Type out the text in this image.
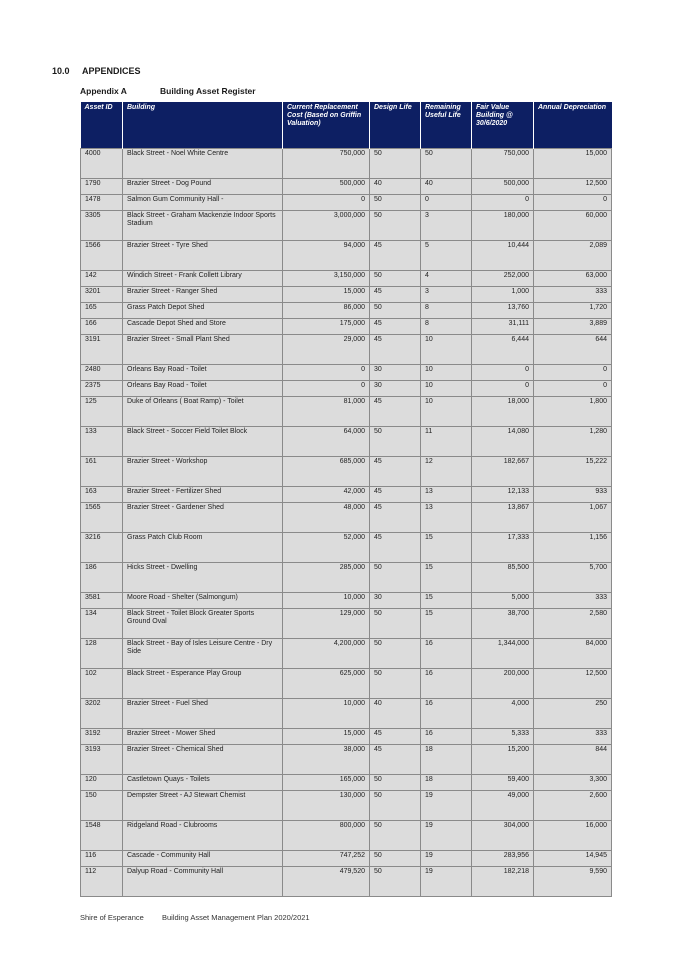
10.0 APPENDICES
Appendix A	Building Asset Register
Asset ID	Building	Current Replacement Cost (Based on Griffin Valuation)	Design Life	Remaining Useful Life	Fair Value Building @ 30/6/2020	Annual Depreciation
4000	Black Street - Noel White Centre	750,000	50	50	750,000	15,000
1790	Brazier Street - Dog Pound	500,000	40	40	500,000	12,500
1478	Salmon Gum Community Hall -	0	50	0	0	0
3305	Black Street - Graham Mackenzie Indoor Sports Stadium	3,000,000	50	3	180,000	60,000
1566	Brazier Street - Tyre Shed	94,000	45	5	10,444	2,089
142	Windich Street - Frank Collett Library	3,150,000	50	4	252,000	63,000
3201	Brazier Street - Ranger Shed	15,000	45	3	1,000	333
165	Grass Patch Depot Shed	86,000	50	8	13,760	1,720
166	Cascade Depot Shed and Store	175,000	45	8	31,111	3,889
3191	Brazier Street - Small Plant Shed	29,000	45	10	6,444	644
2480	Orleans Bay Road - Toilet	0	30	10	0	0
2375	Orleans Bay Road - Toilet	0	30	10	0	0
125	Duke of Orleans ( Boat Ramp) - Toilet	81,000	45	10	18,000	1,800
133	Black Street - Soccer Field Toilet Block	64,000	50	11	14,080	1,280
161	Brazier Street - Workshop	685,000	45	12	182,667	15,222
163	Brazier Street - Fertilizer Shed	42,000	45	13	12,133	933
1565	Brazier Street - Gardener Shed	48,000	45	13	13,867	1,067
3216	Grass Patch Club Room	52,000	45	15	17,333	1,156
186	Hicks Street - Dwelling	285,000	50	15	85,500	5,700
3581	Moore Road - Shelter (Salmongum)	10,000	30	15	5,000	333
134	Black Street - Toilet Block Greater Sports Ground Oval	129,000	50	15	38,700	2,580
128	Black Street - Bay of Isles Leisure Centre - Dry Side	4,200,000	50	16	1,344,000	84,000
102	Black Street - Esperance Play Group	625,000	50	16	200,000	12,500
3202	Brazier Street - Fuel Shed	10,000	40	16	4,000	250
3192	Brazier Street - Mower Shed	15,000	45	16	5,333	333
3193	Brazier Street - Chemical Shed	38,000	45	18	15,200	844
120	Castletown Quays - Toilets	165,000	50	18	59,400	3,300
150	Dempster Street - AJ Stewart Chemist	130,000	50	19	49,000	2,600
1548	Ridgeland Road - Clubrooms	800,000	50	19	304,000	16,000
116	Cascade - Community Hall	747,252	50	19	283,956	14,945
112	Dalyup Road - Community Hall	479,520	50	19	182,218	9,590
Shire of Esperance Building Asset Management Plan 2020/2021
